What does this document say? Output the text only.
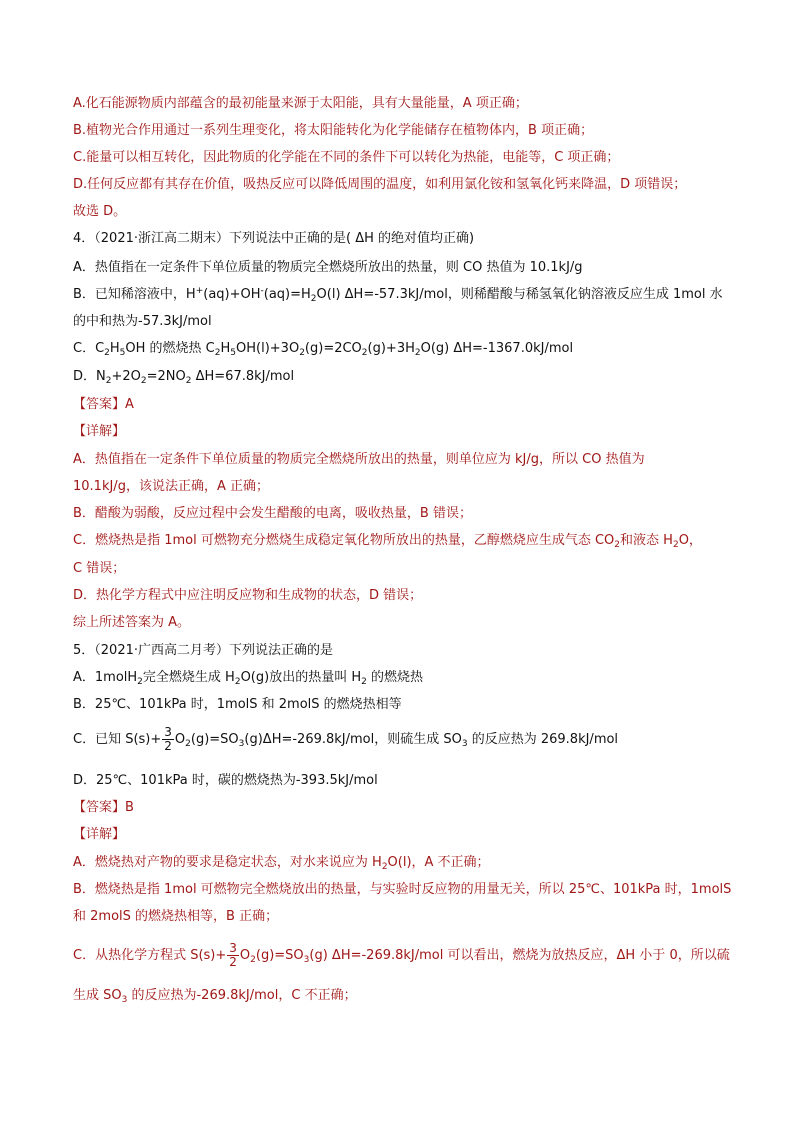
A.化石能源物质内部蕴含的最初能量来源于太阳能，具有大量能量，A 项正确；
B.植物光合作用通过一系列生理变化，将太阳能转化为化学能储存在植物体内，B 项正确；
C.能量可以相互转化，因此物质的化学能在不同的条件下可以转化为热能，电能等，C 项正确；
D.任何反应都有其存在价值，吸热反应可以降低周围的温度，如利用氯化铵和氢氧化钙来降温，D 项错误；
故选 D。
4．（2021·浙江高二期末）下列说法中正确的是( ΔH 的绝对值均正确)
A．热值指在一定条件下单位质量的物质完全燃烧所放出的热量，则 CO 热值为 10.1kJ/g
B．已知稀溶液中，$H^+(aq)+OH^-(aq)=H_2O(l)$ ΔH=-57.3kJ/mol，则稀醋酸与稀氢氧化钠溶液反应生成 1mol 水
的中和热为-57.3kJ/mol
C．$C_2H_5OH$ 的燃烧热 $C_2H_5OH(l)+3O_2(g)=2CO_2(g)+3H_2O(g)$ ΔH=-1367.0kJ/mol
D．$N_2+2O_2=2NO_2$ ΔH=67.8kJ/mol
【答案】A
【详解】
A．热值指在一定条件下单位质量的物质完全燃烧所放出的热量，则单位应为 kJ/g，所以 CO 热值为
10.1kJ/g，该说法正确，A 正确；
B．醋酸为弱酸，反应过程中会发生醋酸的电离，吸收热量，B 错误；
C．燃烧热是指 1mol 可燃物充分燃烧生成稳定氧化物所放出的热量，乙醇燃烧应生成气态 $CO_2$和液态 $H_2O$，
C 错误；
D．热化学方程式中应注明反应物和生成物的状态，D 错误；
综上所述答案为 A。
5．（2021·广西高二月考）下列说法正确的是
A．1molH$_2$完全燃烧生成 $H_2O(g)$放出的热量叫 $H_2$ 的燃烧热
B．25℃、101kPa 时，1molS 和 2molS 的燃烧热相等
C．已知 $S(s)+ \frac{3}{2} O_2(g)=SO_3(g)\Delta H=-269.8kJ/mol$，则硫生成 $SO_3$ 的反应热为 269.8kJ/mol
D．25℃、101kPa 时，碳的燃烧热为-393.5kJ/mol
【答案】B
【详解】
A．燃烧热对产物的要求是稳定状态，对水来说应为 $H_2O(l)$，A 不正确；
B．燃烧热是指 1mol 可燃物完全燃烧放出的热量，与实验时反应物的用量无关，所以 25℃、101kPa 时，1molS
和 2molS 的燃烧热相等，B 正确；
C．从热化学方程式 $S(s)+ \frac{3}{2} O_2(g)=SO_3(g)$ ΔH=-269.8kJ/mol 可以看出，燃烧为放热反应，ΔH 小于 0，所以硫
生成 $SO_3$ 的反应热为-269.8kJ/mol，C 不正确；
